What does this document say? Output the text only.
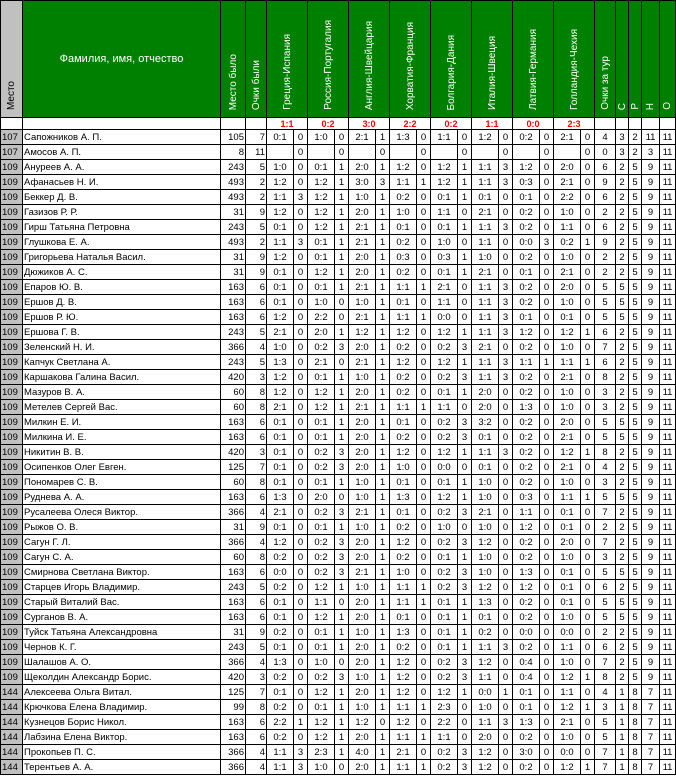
Место	Фамилия, имя, отчество	Место было	Очки были	Греция-Испания		Россия-Португалия		Англия-Швейцария		Хорватия-Франция		Болгария-Дания		Италия-Швеция		Латвия-Германия		Голландия-Чехия		Очки за тур	С	Р	Н	О
				1:1		0:2		3:0		2:2		0:2		1:1		0:0		2:3						
107	Сапожников А. П.	105	7	0:1	0	1:0	0	2:1	1	1:3	0	1:1	0	1:2	0	0:2	0	2:1	0	4	3	2	11	11
107	Амосов А. П.	8	11		0		0		0		0		0		0		0		0	0	3	2	3	11
109	Ануреев А. А.	243	5	1:0	0	0:1	1	2:0	1	1:2	0	1:2	1	1:1	3	1:2	0	2:0	0	6	2	5	9	11
109	Афанасьев Н. И.	493	2	1:2	0	1:2	1	3:0	3	1:1	1	1:2	1	1:1	3	0:3	0	2:1	0	9	2	5	9	11
109	Беккер Д. В.	493	2	1:1	3	1:2	1	1:0	1	0:2	0	0:1	1	0:1	0	0:1	0	2:2	0	6	2	5	9	11
109	Газизов Р. Р.	31	9	1:2	0	1:2	1	2:0	1	1:0	0	1:1	0	2:1	0	0:2	0	1:0	0	2	2	5	9	11
109	Гирш Татьяна Петровна	243	5	0:1	0	1:2	1	2:1	1	0:1	0	0:1	1	1:1	3	0:2	0	1:1	0	6	2	5	9	11
109	Глушкова Е. А.	493	2	1:1	3	0:1	1	2:1	1	0:2	0	1:0	0	1:1	0	0:0	3	0:2	1	9	2	5	9	11
109	Григорьева Наталья Васил.	31	9	1:2	0	0:1	1	2:0	1	0:3	0	0:3	1	1:0	0	0:2	0	1:0	0	2	2	5	9	11
109	Дюжиков А. С.	31	9	0:1	0	1:2	1	2:0	1	0:2	0	0:1	1	2:1	0	0:1	0	2:1	0	2	2	5	9	11
109	Епаров Ю. В.	163	6	0:1	0	0:1	1	2:1	1	1:1	1	2:1	0	1:1	3	0:2	0	2:0	0	5	5	5	9	11
109	Ершов Д. В.	163	6	0:1	0	1:0	0	1:0	1	0:1	0	1:1	0	1:1	3	0:2	0	1:0	0	5	5	5	9	11
109	Ершов Р. Ю.	163	6	1:2	0	2:2	0	2:1	1	1:1	1	0:0	0	1:1	3	0:1	0	0:1	0	5	5	5	9	11
109	Ершова Г. В.	243	5	2:1	0	2:0	1	1:2	1	1:2	0	1:2	1	1:1	3	1:2	0	1:2	1	6	2	5	9	11
109	Зеленский Н. И.	366	4	1:0	0	0:2	3	2:0	1	0:2	0	0:2	3	2:1	0	0:2	0	1:0	0	7	2	5	9	11
109	Капчук Светлана А.	243	5	1:3	0	2:1	0	2:1	1	1:2	0	1:2	1	1:1	3	1:1	1	1:1	1	6	2	5	9	11
109	Каршакова Галина Васил.	420	3	1:2	0	0:1	1	1:0	1	0:2	0	0:2	3	1:1	3	0:2	0	2:1	0	8	2	5	9	11
109	Мазуров В. А.	60	8	1:2	0	1:2	1	2:0	1	0:2	0	0:1	1	2:0	0	0:2	0	1:0	0	3	2	5	9	11
109	Метелев Сергей Вас.	60	8	2:1	0	1:2	1	2:1	1	1:1	1	1:1	0	2:0	0	1:3	0	1:0	0	3	2	5	9	11
109	Милкин Е. И.	163	6	0:1	0	0:1	1	2:0	1	0:1	0	0:2	3	3:2	0	0:2	0	2:0	0	5	5	5	9	11
109	Милкина И. Е.	163	6	0:1	0	0:1	1	2:0	1	0:2	0	0:2	3	0:1	0	0:2	0	2:1	0	5	5	5	9	11
109	Никитин В. В.	420	3	0:1	0	0:2	3	2:0	1	1:2	0	1:2	1	1:1	3	0:2	0	1:2	1	8	2	5	9	11
109	Осипенков Олег Евген.	125	7	0:1	0	0:2	3	2:0	1	1:0	0	0:0	0	0:1	0	0:2	0	2:1	0	4	2	5	9	11
109	Пономарев С. В.	60	8	0:1	0	0:1	1	1:0	1	0:1	0	0:1	1	1:0	0	0:2	0	1:0	0	3	2	5	9	11
109	Руднева А. А.	163	6	1:3	0	2:0	0	1:0	1	1:3	0	1:2	1	1:0	0	0:3	0	1:1	1	5	5	5	9	11
109	Русалеева Олеся Виктор.	366	4	2:1	0	0:2	3	2:1	1	0:1	0	0:2	3	2:1	0	1:1	0	0:1	0	7	2	5	9	11
109	Рыжов О. В.	31	9	0:1	0	0:1	1	1:0	1	0:2	0	1:0	0	1:0	0	1:2	0	0:1	0	2	2	5	9	11
109	Сагун Г. Л.	366	4	1:2	0	0:2	3	2:0	1	1:2	0	0:2	3	1:2	0	0:2	0	2:0	0	7	2	5	9	11
109	Сагун С. А.	60	8	0:2	0	0:2	3	2:0	1	0:2	0	0:1	1	1:0	0	0:2	0	1:0	0	3	2	5	9	11
109	Смирнова Светлана Виктор.	163	6	0:0	0	0:2	3	2:1	1	1:0	0	0:2	3	1:0	0	1:3	0	0:1	0	5	5	5	9	11
109	Старцев Игорь Владимир.	243	5	0:2	0	1:2	1	1:0	1	1:1	1	0:2	3	1:2	0	1:2	0	0:1	0	6	2	5	9	11
109	Старый Виталий Вас.	163	6	0:1	0	1:1	0	2:0	1	1:1	1	0:1	1	1:3	0	0:2	0	0:1	0	5	5	5	9	11
109	Сурганов В. А.	163	6	0:1	0	1:2	1	2:0	1	0:1	0	0:1	1	0:1	0	0:2	0	1:0	0	5	5	5	9	11
109	Туйск Татьяна Александровна	31	9	0:2	0	0:1	1	1:0	1	1:3	0	0:1	1	0:2	0	0:0	0	0:0	0	2	2	5	9	11
109	Чернов К. Г.	243	5	0:1	0	0:1	1	2:0	1	0:2	0	0:1	1	1:1	3	0:2	0	1:1	0	6	2	5	9	11
109	Шалашов А. О.	366	4	1:3	0	1:0	0	2:0	1	1:2	0	0:2	3	1:2	0	0:4	0	1:0	0	7	2	5	9	11
109	Щеколдин Александр Борис.	420	3	0:2	0	0:2	3	1:0	1	1:2	0	0:2	3	1:1	0	0:4	0	1:2	1	8	2	5	9	11
144	Алексеева Ольга Витал.	125	7	0:1	0	1:2	1	2:0	1	1:2	0	1:2	1	0:0	1	0:1	0	1:1	0	4	1	8	7	11
144	Крючкова Елена Владимир.	99	8	0:2	0	0:1	1	1:0	1	1:1	1	2:3	0	1:0	0	0:1	0	1:2	1	3	1	8	7	11
144	Кузнецов Борис Никол.	163	6	2:2	1	1:2	1	1:2	0	1:2	0	2:2	0	1:1	3	1:3	0	2:1	0	5	1	8	7	11
144	Лабзина Елена Виктор.	163	6	0:2	0	1:2	1	2:0	1	1:1	1	1:1	0	2:0	0	0:2	0	1:0	0	5	1	8	7	11
144	Прокопьев П. С.	366	4	1:1	3	2:3	1	4:0	1	2:1	0	0:2	3	1:2	0	3:0	0	0:0	0	7	1	8	7	11
144	Терентьев А. А.	366	4	1:1	3	1:0	0	2:0	1	1:1	1	0:2	3	1:2	0	0:2	0	1:2	1	7	1	8	7	11
